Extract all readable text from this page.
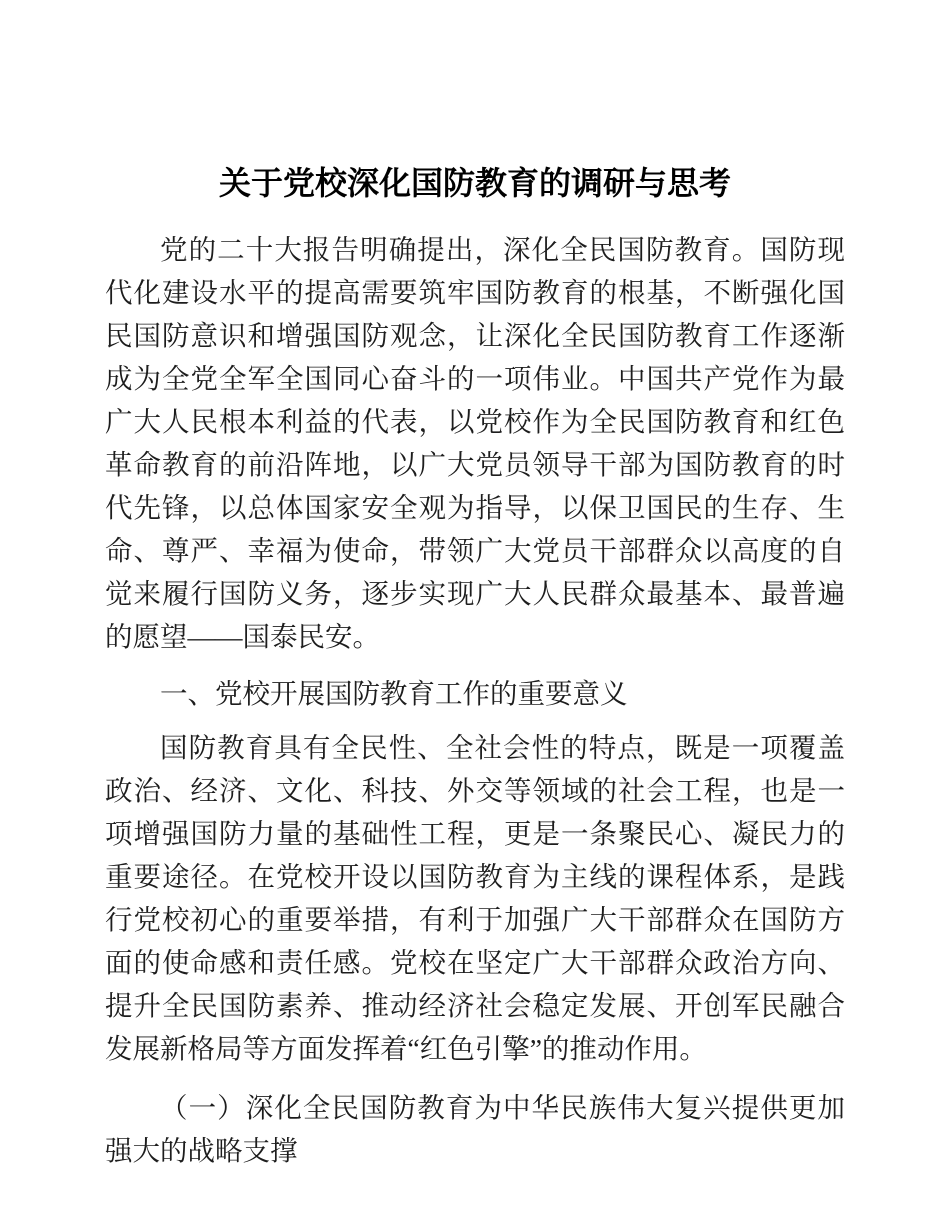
关于党校深化国防教育的调研与思考

党的二十大报告明确提出，深化全民国防教育。国防现代化建设水平的提高需要筑牢国防教育的根基，不断强化国民国防意识和增强国防观念，让深化全民国防教育工作逐渐成为全党全军全国同心奋斗的一项伟业。中国共产党作为最广大人民根本利益的代表，以党校作为全民国防教育和红色革命教育的前沿阵地，以广大党员领导干部为国防教育的时代先锋，以总体国家安全观为指导，以保卫国民的生存、生命、尊严、幸福为使命，带领广大党员干部群众以高度的自觉来履行国防义务，逐步实现广大人民群众最基本、最普遍的愿望——国泰民安。

一、党校开展国防教育工作的重要意义

国防教育具有全民性、全社会性的特点，既是一项覆盖政治、经济、文化、科技、外交等领域的社会工程，也是一项增强国防力量的基础性工程，更是一条聚民心、凝民力的重要途径。在党校开设以国防教育为主线的课程体系，是践行党校初心的重要举措，有利于加强广大干部群众在国防方面的使命感和责任感。党校在坚定广大干部群众政治方向、提升全民国防素养、推动经济社会稳定发展、开创军民融合发展新格局等方面发挥着“红色引擎”的推动作用。

（一）深化全民国防教育为中华民族伟大复兴提供更加强大的战略支撑
